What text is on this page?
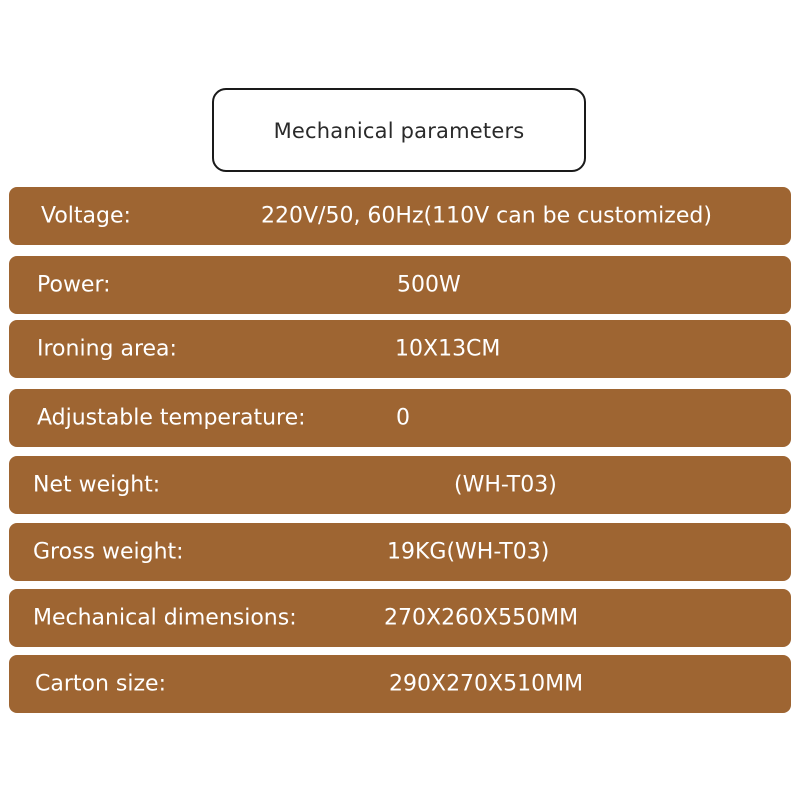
Mechanical parameters
Voltage:	220V/50, 60Hz(110V can be customized)
Power:	500W
Ironing area:	10X13CM
Adjustable temperature:	0
Net weight:	(WH-T03)
Gross weight:	19KG(WH-T03)
Mechanical dimensions:	270X260X550MM
Carton size:	290X270X510MM
